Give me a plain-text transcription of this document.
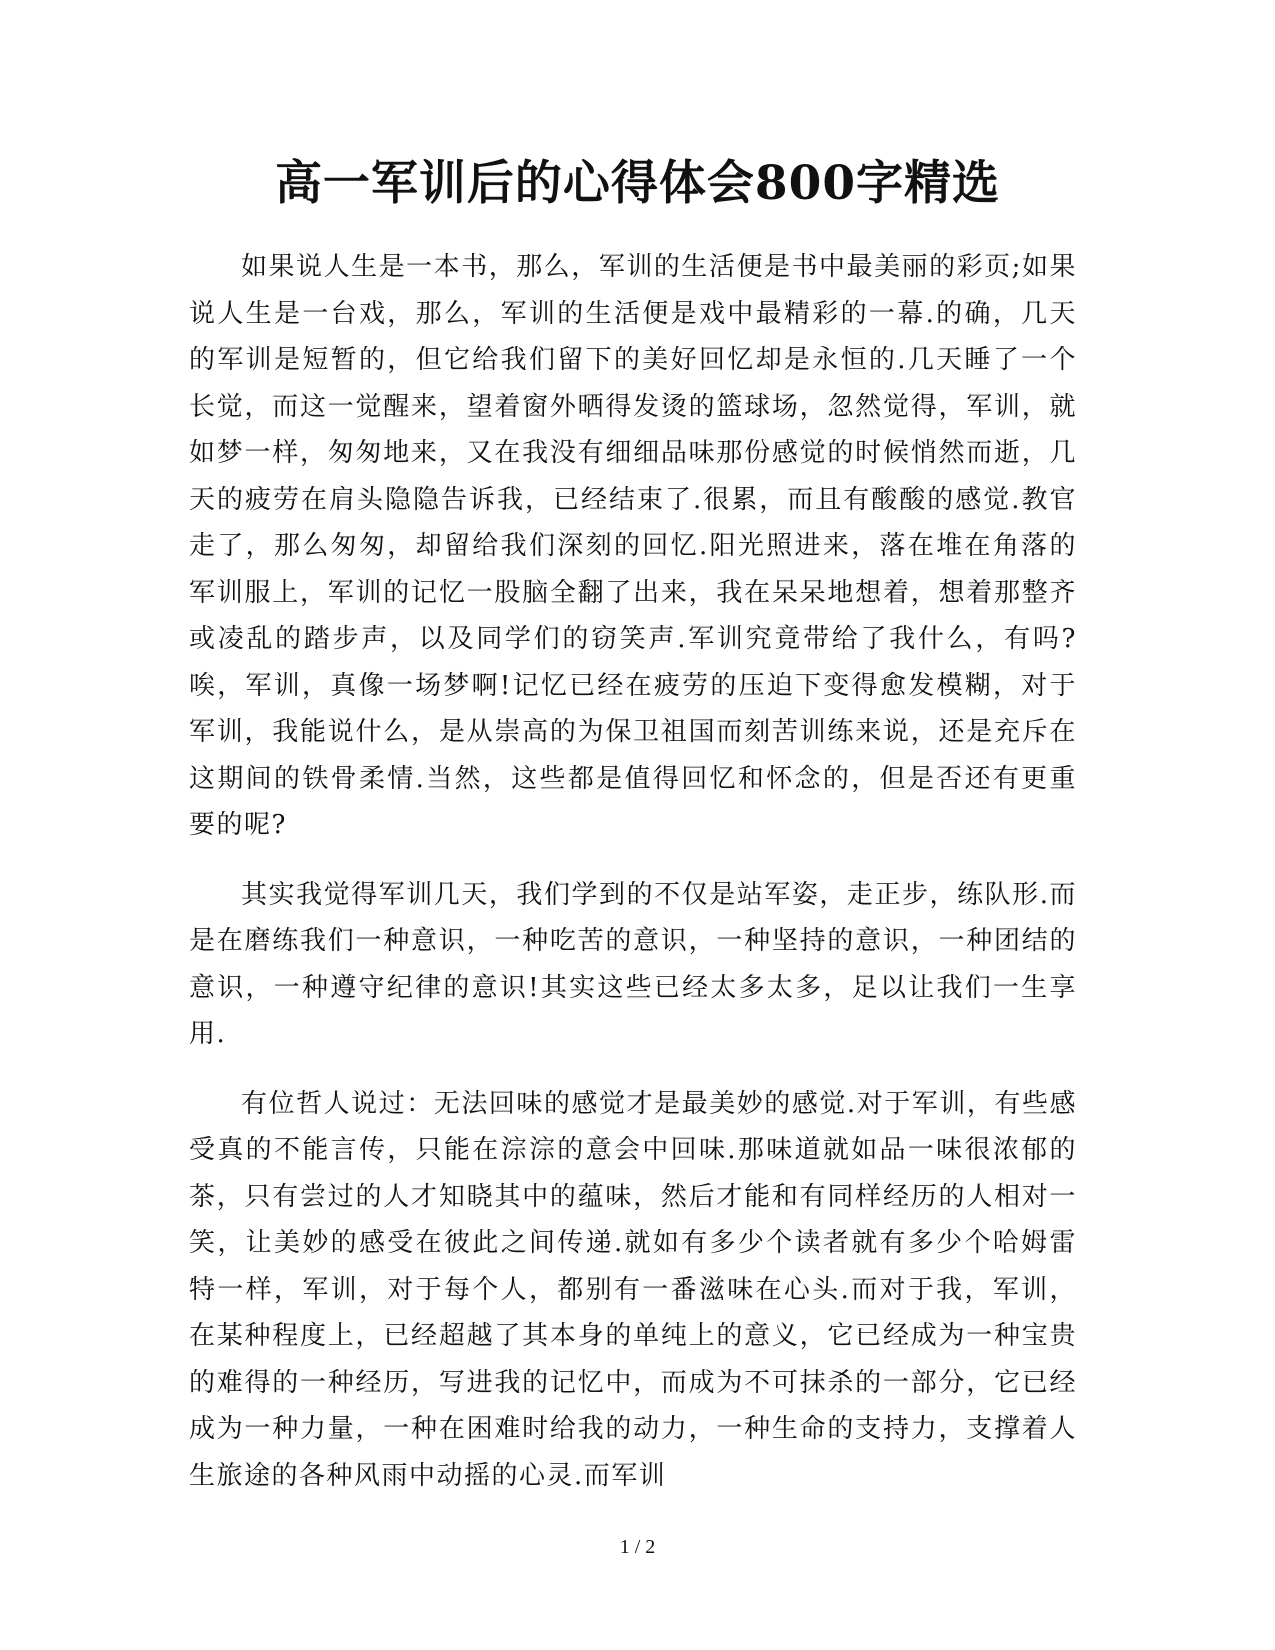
高一军训后的心得体会800字精选

如果说人生是一本书，那么，军训的生活便是书中最美丽的彩页;如果说人生是一台戏，那么，军训的生活便是戏中最精彩的一幕.的确，几天的军训是短暂的，但它给我们留下的美好回忆却是永恒的.几天睡了一个长觉，而这一觉醒来，望着窗外晒得发烫的篮球场，忽然觉得，军训，就如梦一样，匆匆地来，又在我没有细细品味那份感觉的时候悄然而逝，几天的疲劳在肩头隐隐告诉我，已经结束了.很累，而且有酸酸的感觉.教官走了，那么匆匆，却留给我们深刻的回忆.阳光照进来，落在堆在角落的军训服上，军训的记忆一股脑全翻了出来，我在呆呆地想着，想着那整齐或凌乱的踏步声，以及同学们的窃笑声.军训究竟带给了我什么，有吗?唉，军训，真像一场梦啊!记忆已经在疲劳的压迫下变得愈发模糊，对于军训，我能说什么，是从崇高的为保卫祖国而刻苦训练来说，还是充斥在这期间的铁骨柔情.当然，这些都是值得回忆和怀念的，但是否还有更重要的呢?

其实我觉得军训几天，我们学到的不仅是站军姿，走正步，练队形.而是在磨练我们一种意识，一种吃苦的意识，一种坚持的意识，一种团结的意识，一种遵守纪律的意识!其实这些已经太多太多，足以让我们一生享用.

有位哲人说过：无法回味的感觉才是最美妙的感觉.对于军训，有些感受真的不能言传，只能在淙淙的意会中回味.那味道就如品一味很浓郁的茶，只有尝过的人才知晓其中的蕴味，然后才能和有同样经历的人相对一笑，让美妙的感受在彼此之间传递.就如有多少个读者就有多少个哈姆雷特一样，军训，对于每个人，都别有一番滋味在心头.而对于我，军训，在某种程度上，已经超越了其本身的单纯上的意义，它已经成为一种宝贵的难得的一种经历，写进我的记忆中，而成为不可抹杀的一部分，它已经成为一种力量，一种在困难时给我的动力，一种生命的支持力，支撑着人生旅途的各种风雨中动摇的心灵.而军训

1 / 2
